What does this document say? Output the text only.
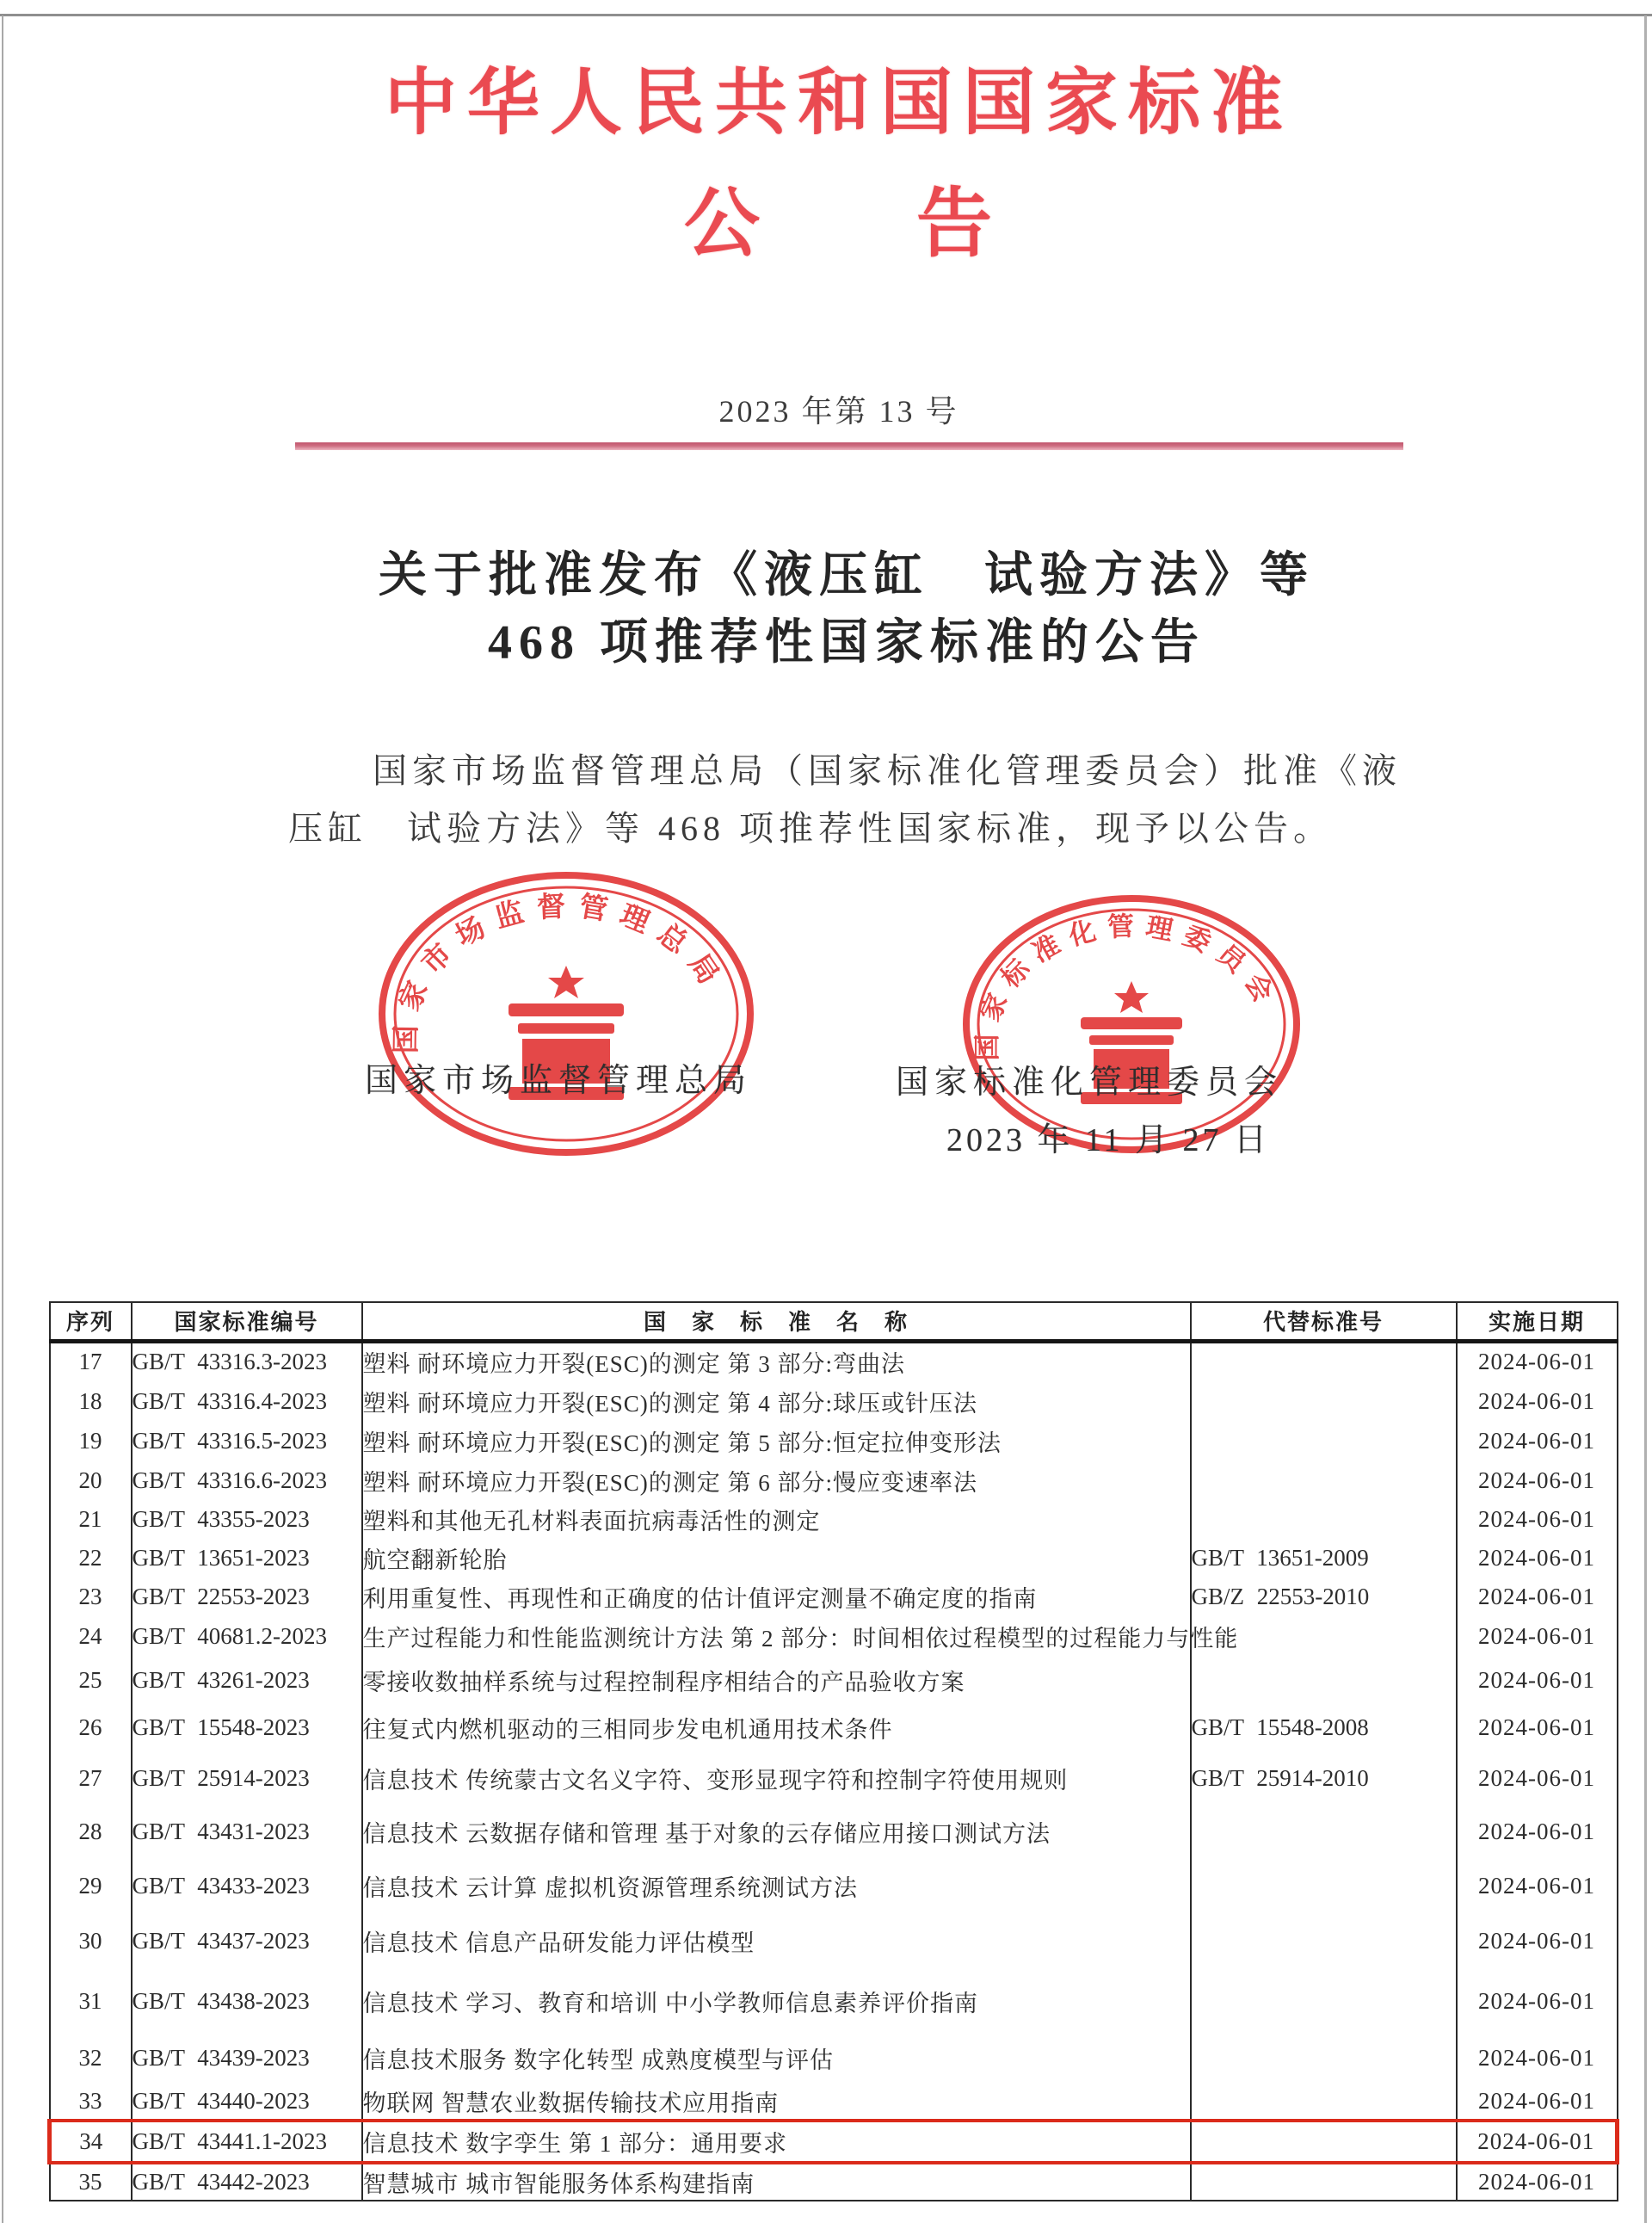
中华人民共和国国家标准
公　　告
2023 年第 13 号
关于批准发布《液压缸　试验方法》等
468 项推荐性国家标准的公告
国家市场监督管理总局（国家标准化管理委员会）批准《液
压缸　试验方法》等 468 项推荐性国家标准，现予以公告。
国家市场监督管理总局
国家标准化管理委员会
国家市场监督管理总局	国家标准化管理委员会
2023 年 11 月 27 日
序列	国家标准编号	国　家　标　准　名　称	代替标准号	实施日期
17	GB/T 43316.3-2023	塑料 耐环境应力开裂(ESC)的测定 第 3 部分:弯曲法		2024-06-01
18	GB/T 43316.4-2023	塑料 耐环境应力开裂(ESC)的测定 第 4 部分:球压或针压法		2024-06-01
19	GB/T 43316.5-2023	塑料 耐环境应力开裂(ESC)的测定 第 5 部分:恒定拉伸变形法		2024-06-01
20	GB/T 43316.6-2023	塑料 耐环境应力开裂(ESC)的测定 第 6 部分:慢应变速率法		2024-06-01
21	GB/T 43355-2023	塑料和其他无孔材料表面抗病毒活性的测定		2024-06-01
22	GB/T 13651-2023	航空翻新轮胎	GB/T 13651-2009	2024-06-01
23	GB/T 22553-2023	利用重复性、再现性和正确度的估计值评定测量不确定度的指南	GB/Z 22553-2010	2024-06-01
24	GB/T 40681.2-2023	生产过程能力和性能监测统计方法 第 2 部分：时间相依过程模型的过程能力与性能		2024-06-01
25	GB/T 43261-2023	零接收数抽样系统与过程控制程序相结合的产品验收方案		2024-06-01
26	GB/T 15548-2023	往复式内燃机驱动的三相同步发电机通用技术条件	GB/T 15548-2008	2024-06-01
27	GB/T 25914-2023	信息技术 传统蒙古文名义字符、变形显现字符和控制字符使用规则	GB/T 25914-2010	2024-06-01
28	GB/T 43431-2023	信息技术 云数据存储和管理 基于对象的云存储应用接口测试方法		2024-06-01
29	GB/T 43433-2023	信息技术 云计算 虚拟机资源管理系统测试方法		2024-06-01
30	GB/T 43437-2023	信息技术 信息产品研发能力评估模型		2024-06-01
31	GB/T 43438-2023	信息技术 学习、教育和培训 中小学教师信息素养评价指南		2024-06-01
32	GB/T 43439-2023	信息技术服务 数字化转型 成熟度模型与评估		2024-06-01
33	GB/T 43440-2023	物联网 智慧农业数据传输技术应用指南		2024-06-01
34	GB/T 43441.1-2023	信息技术 数字孪生 第 1 部分：通用要求		2024-06-01
35	GB/T 43442-2023	智慧城市 城市智能服务体系构建指南		2024-06-01
